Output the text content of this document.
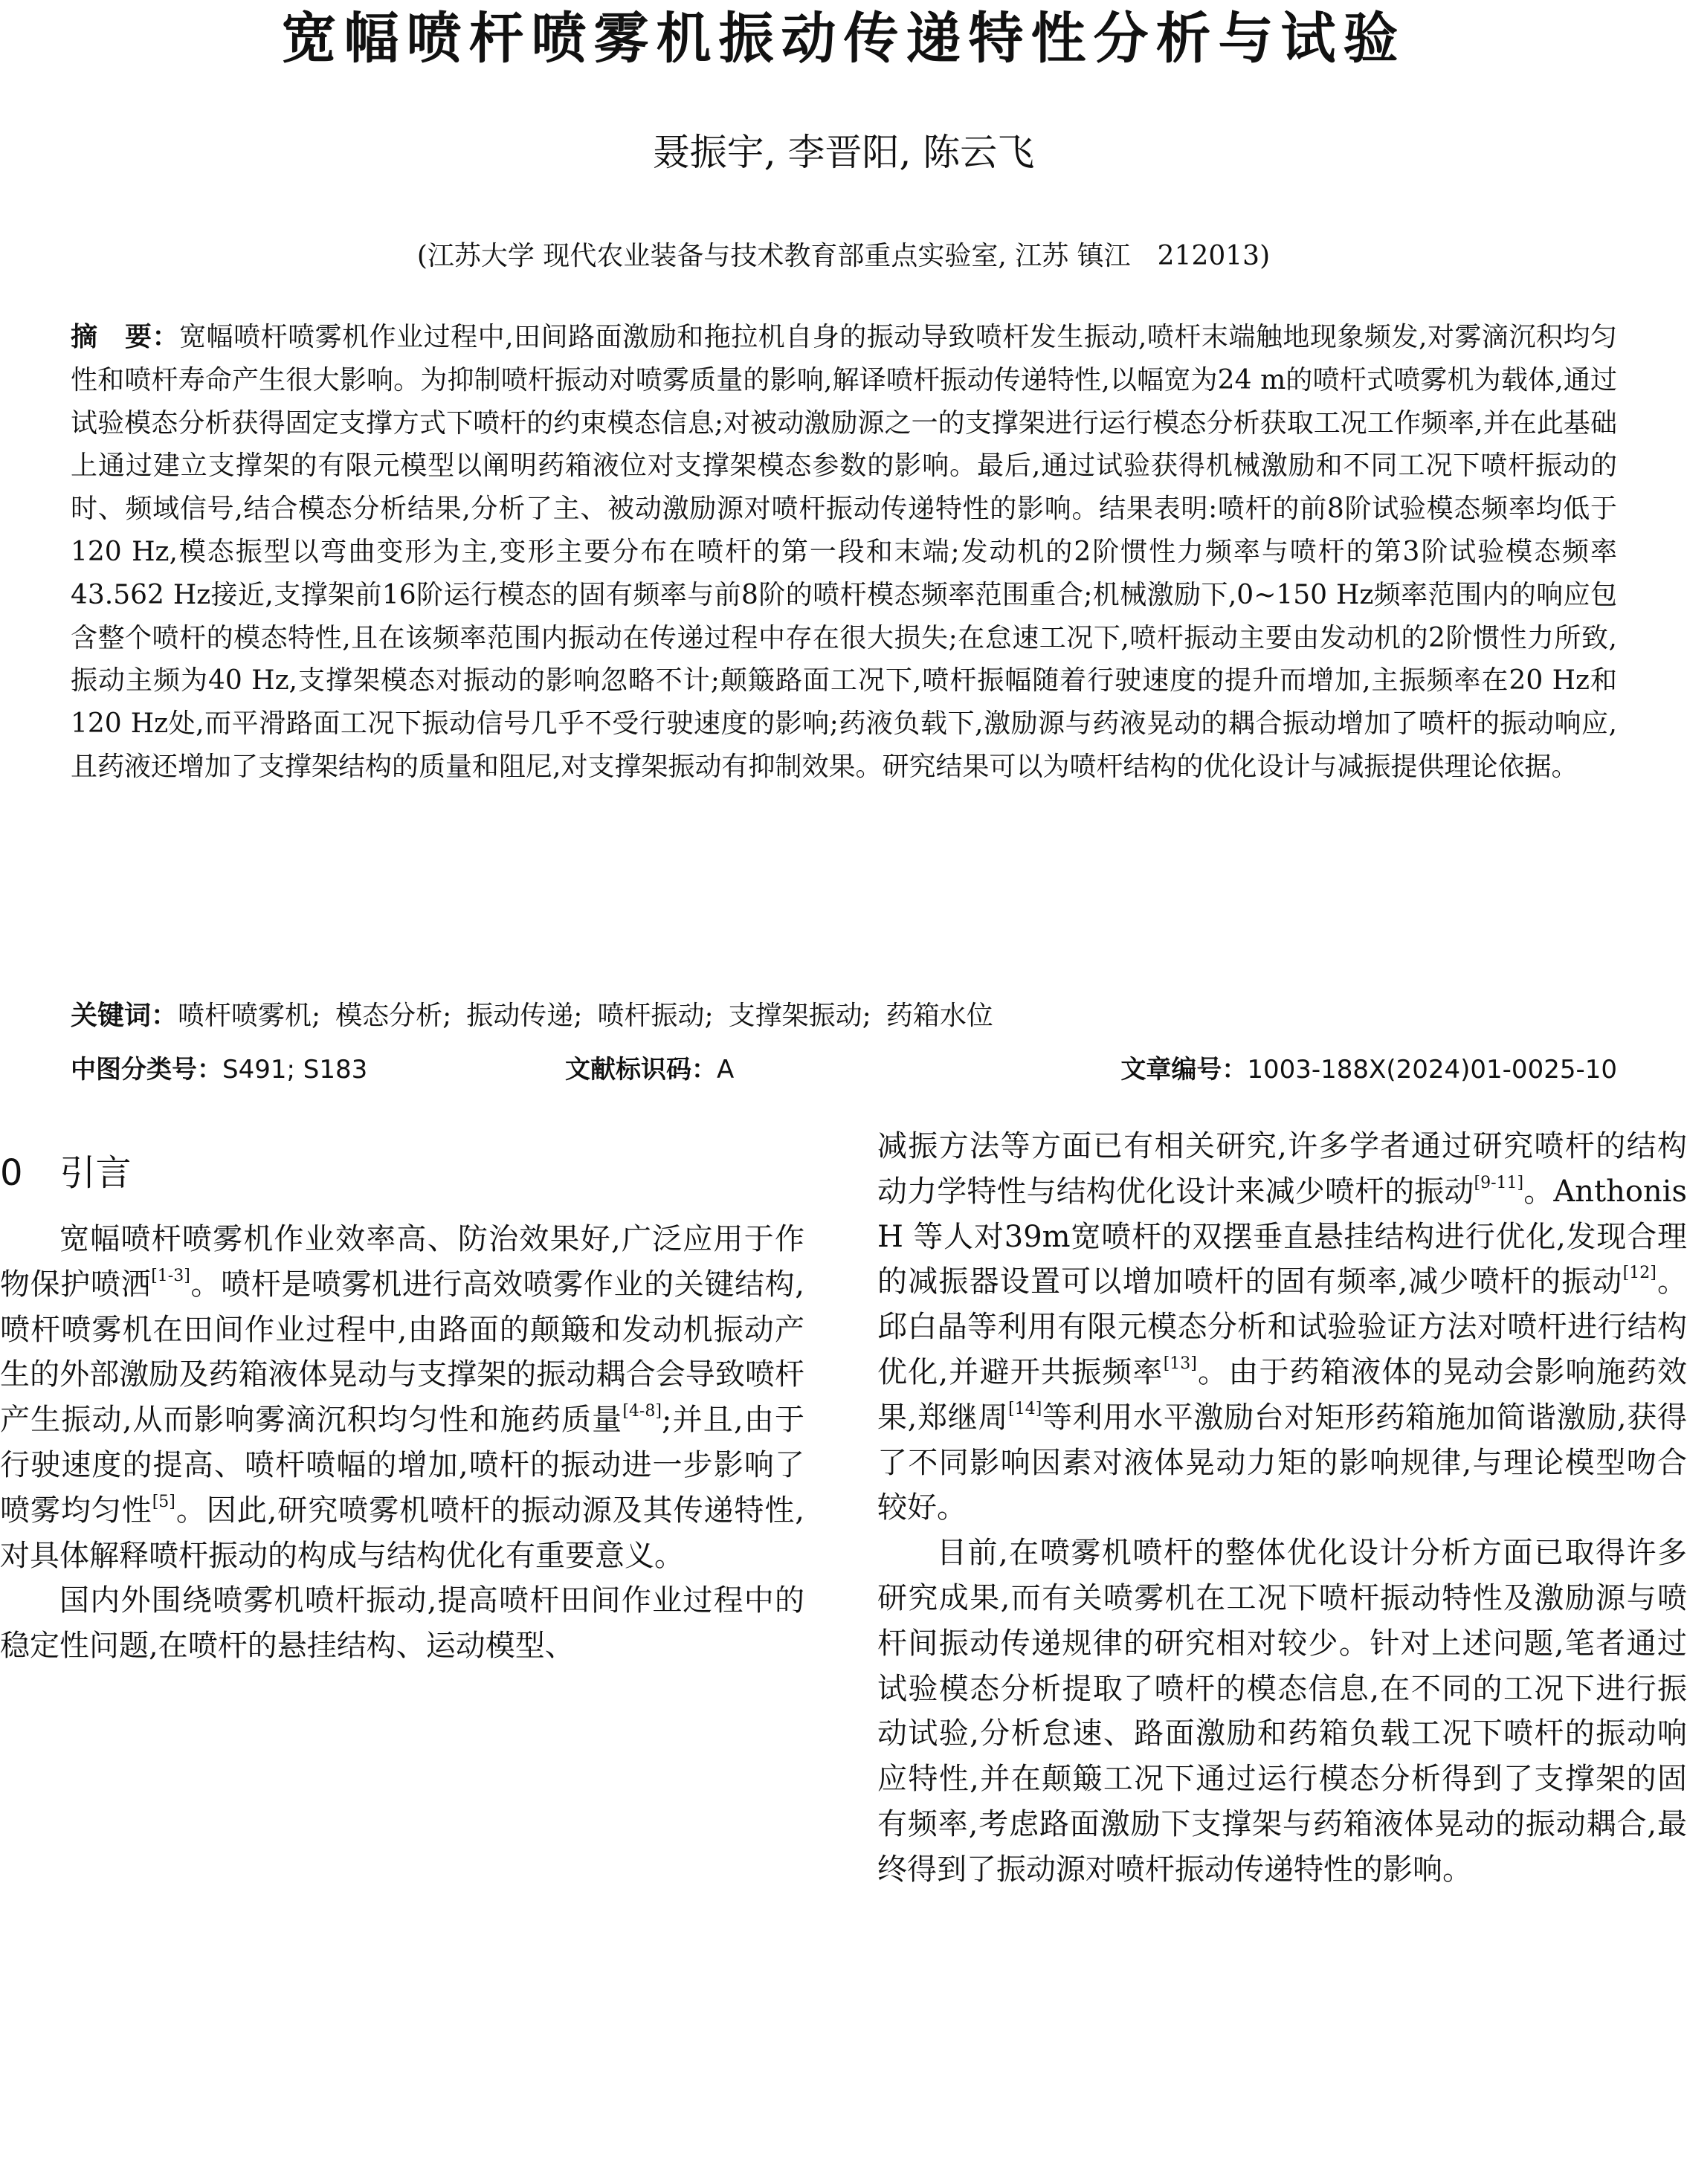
宽幅喷杆喷雾机振动传递特性分析与试验
聂振宇, 李晋阳, 陈云飞
(江苏大学 现代农业装备与技术教育部重点实验室, 江苏 镇江　212013)
摘　要：宽幅喷杆喷雾机作业过程中,田间路面激励和拖拉机自身的振动导致喷杆发生振动,喷杆末端触地现象频发,对雾滴沉积均匀性和喷杆寿命产生很大影响。为抑制喷杆振动对喷雾质量的影响,解译喷杆振动传递特性,以幅宽为24 m的喷杆式喷雾机为载体,通过试验模态分析获得固定支撑方式下喷杆的约束模态信息;对被动激励源之一的支撑架进行运行模态分析获取工况工作频率,并在此基础上通过建立支撑架的有限元模型以阐明药箱液位对支撑架模态参数的影响。最后,通过试验获得机械激励和不同工况下喷杆振动的时、频域信号,结合模态分析结果,分析了主、被动激励源对喷杆振动传递特性的影响。结果表明:喷杆的前8阶试验模态频率均低于120 Hz,模态振型以弯曲变形为主,变形主要分布在喷杆的第一段和末端;发动机的2阶惯性力频率与喷杆的第3阶试验模态频率43.562 Hz接近,支撑架前16阶运行模态的固有频率与前8阶的喷杆模态频率范围重合;机械激励下,0~150 Hz频率范围内的响应包含整个喷杆的模态特性,且在该频率范围内振动在传递过程中存在很大损失;在怠速工况下,喷杆振动主要由发动机的2阶惯性力所致,振动主频为40 Hz,支撑架模态对振动的影响忽略不计;颠簸路面工况下,喷杆振幅随着行驶速度的提升而增加,主振频率在20 Hz和120 Hz处,而平滑路面工况下振动信号几乎不受行驶速度的影响;药液负载下,激励源与药液晃动的耦合振动增加了喷杆的振动响应,且药液还增加了支撑架结构的质量和阻尼,对支撑架振动有抑制效果。研究结果可以为喷杆结构的优化设计与减振提供理论依据。
关键词：喷杆喷雾机; 模态分析; 振动传递; 喷杆振动; 支撑架振动; 药箱水位
中图分类号：S491; S183	文献标识码：A	文章编号：1003-188X(2024)01-0025-10
0 引言

宽幅喷杆喷雾机作业效率高、防治效果好,广泛应用于作物保护喷洒[1-3]。喷杆是喷雾机进行高效喷雾作业的关键结构,喷杆喷雾机在田间作业过程中,由路面的颠簸和发动机振动产生的外部激励及药箱液体晃动与支撑架的振动耦合会导致喷杆产生振动,从而影响雾滴沉积均匀性和施药质量[4-8];并且,由于行驶速度的提高、喷杆喷幅的增加,喷杆的振动进一步影响了喷雾均匀性[5]。因此,研究喷雾机喷杆的振动源及其传递特性,对具体解释喷杆振动的构成与结构优化有重要意义。

国内外围绕喷雾机喷杆振动,提高喷杆田间作业过程中的稳定性问题,在喷杆的悬挂结构、运动模型、

减振方法等方面已有相关研究,许多学者通过研究喷杆的结构动力学特性与结构优化设计来减少喷杆的振动[9-11]。Anthonis H 等人对39m宽喷杆的双摆垂直悬挂结构进行优化,发现合理的减振器设置可以增加喷杆的固有频率,减少喷杆的振动[12]。邱白晶等利用有限元模态分析和试验验证方法对喷杆进行结构优化,并避开共振频率[13]。由于药箱液体的晃动会影响施药效果,郑继周[14]等利用水平激励台对矩形药箱施加简谐激励,获得了不同影响因素对液体晃动力矩的影响规律,与理论模型吻合较好。

目前,在喷雾机喷杆的整体优化设计分析方面已取得许多研究成果,而有关喷雾机在工况下喷杆振动特性及激励源与喷杆间振动传递规律的研究相对较少。针对上述问题,笔者通过试验模态分析提取了喷杆的模态信息,在不同的工况下进行振动试验,分析怠速、路面激励和药箱负载工况下喷杆的振动响应特性,并在颠簸工况下通过运行模态分析得到了支撑架的固有频率,考虑路面激励下支撑架与药箱液体晃动的振动耦合,最终得到了振动源对喷杆振动传递特性的影响。
